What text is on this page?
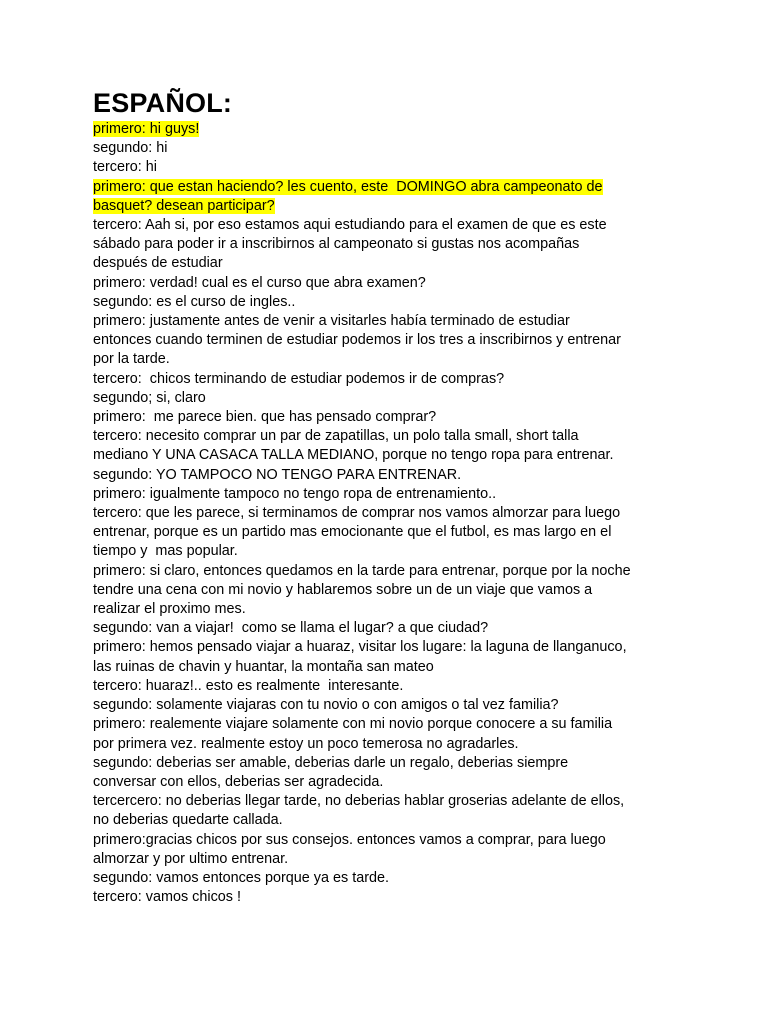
ESPAÑOL:
primero: hi guys!
segundo: hi
tercero: hi
primero: que estan haciendo? les cuento, este  DOMINGO abra campeonato de
basquet? desean participar?
tercero: Aah si, por eso estamos aqui estudiando para el examen de que es este
sábado para poder ir a inscribirnos al campeonato si gustas nos acompañas
después de estudiar
primero: verdad! cual es el curso que abra examen?
segundo: es el curso de ingles..
primero: justamente antes de venir a visitarles había terminado de estudiar
entonces cuando terminen de estudiar podemos ir los tres a inscribirnos y entrenar
por la tarde.
tercero:  chicos terminando de estudiar podemos ir de compras?
segundo; si, claro
primero:  me parece bien. que has pensado comprar?
tercero: necesito comprar un par de zapatillas, un polo talla small, short talla
mediano Y UNA CASACA TALLA MEDIANO, porque no tengo ropa para entrenar.
segundo: YO TAMPOCO NO TENGO PARA ENTRENAR.
primero: igualmente tampoco no tengo ropa de entrenamiento..
tercero: que les parece, si terminamos de comprar nos vamos almorzar para luego
entrenar, porque es un partido mas emocionante que el futbol, es mas largo en el
tiempo y  mas popular.
primero: si claro, entonces quedamos en la tarde para entrenar, porque por la noche
tendre una cena con mi novio y hablaremos sobre un de un viaje que vamos a
realizar el proximo mes.
segundo: van a viajar!  como se llama el lugar? a que ciudad?
primero: hemos pensado viajar a huaraz, visitar los lugare: la laguna de llanganuco,
las ruinas de chavin y huantar, la montaña san mateo
tercero: huaraz!.. esto es realmente  interesante.
segundo: solamente viajaras con tu novio o con amigos o tal vez familia?
primero: realemente viajare solamente con mi novio porque conocere a su familia
por primera vez. realmente estoy un poco temerosa no agradarles.
segundo: deberias ser amable, deberias darle un regalo, deberias siempre
conversar con ellos, deberias ser agradecida.
tercercero: no deberias llegar tarde, no deberias hablar groserias adelante de ellos,
no deberias quedarte callada.
primero:gracias chicos por sus consejos. entonces vamos a comprar, para luego
almorzar y por ultimo entrenar.
segundo: vamos entonces porque ya es tarde.
tercero: vamos chicos !
